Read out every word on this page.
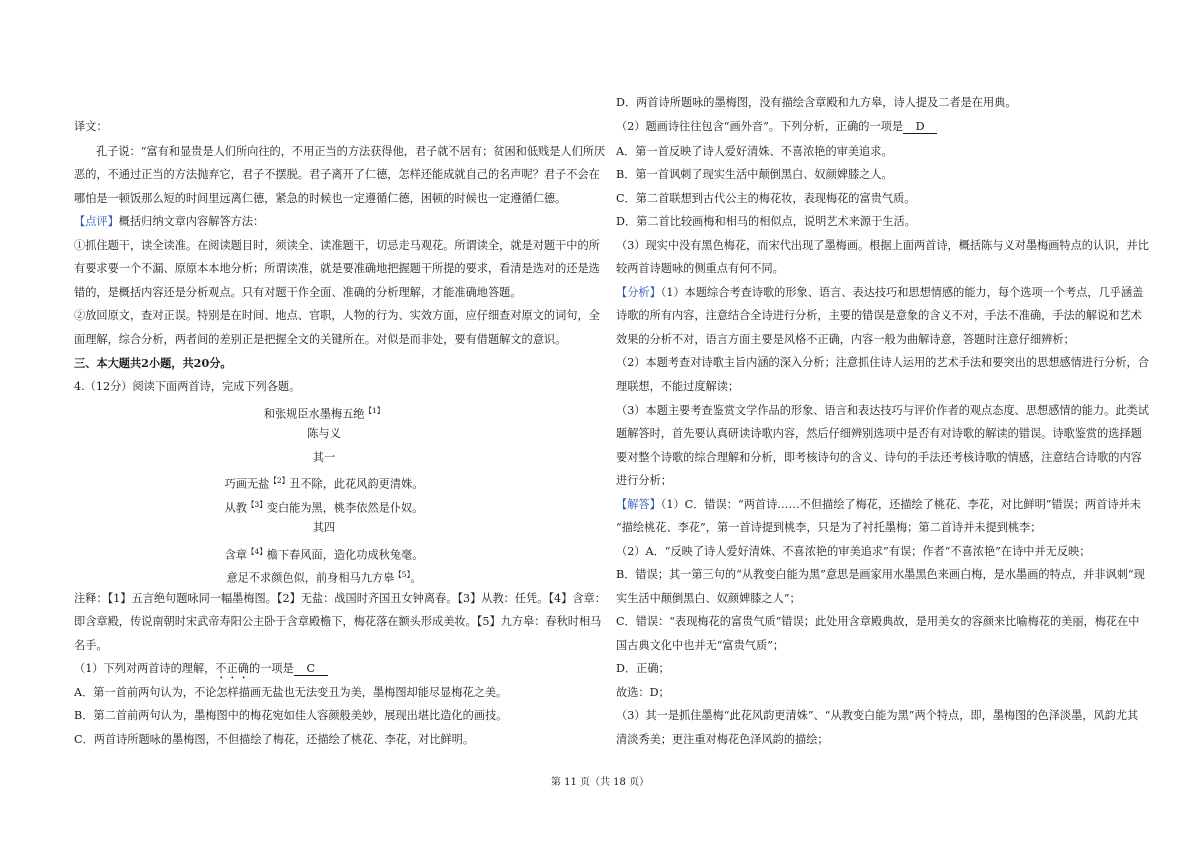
译文：
孔子说：“富有和显贵是人们所向往的，不用正当的方法获得他，君子就不居有；贫困和低贱是人们所厌
恶的，不通过正当的方法抛弃它，君子不摆脱。君子离开了仁德，怎样还能成就自己的名声呢？君子不会在
哪怕是一顿饭那么短的时间里远离仁德，紧急的时候也一定遵循仁德，困顿的时候也一定遵循仁德。
【点评】概括归纳文章内容解答方法：
①抓住题干，读全读准。在阅读题目时，须读全、读准题干，切忌走马观花。所谓读全，就是对题干中的所
有要求要一个不漏、原原本本地分析；所谓读准，就是要准确地把握题干所提的要求，看清是选对的还是选
错的，是概括内容还是分析观点。只有对题干作全面、准确的分析理解，才能准确地答题。
②放回原文，查对正误。特别是在时间、地点、官职，人物的行为、实效方面，应仔细查对原文的词句，全
面理解，综合分析，两者间的差别正是把握全文的关键所在。对似是而非处，要有借题解文的意识。
三、本大题共2小题，共20分。
4.（12分）阅读下面两首诗，完成下列各题。
和张规臣水墨梅五绝$^{【1】}$
陈与义
其一
巧画无盐$^{【2】}$丑不除，此花风韵更清姝。
从教$^{【3】}$变白能为黑，桃李依然是仆奴。
其四
含章$^{【4】}$檐下春风面，造化功成秋兔毫。
意足不求颜色似，前身相马九方皋$^{【5】}$。
注释：【1】五言绝句题咏同一幅墨梅图。【2】无盐：战国时齐国丑女钟离春。【3】从教：任凭。【4】含章：
即含章殿，传说南朝时宋武帝寿阳公主卧于含章殿檐下，梅花落在额头形成美妆。【5】九方皋：春秋时相马
名手。
（1）下列对两首诗的理解，不正确的一项是 C
A．第一首前两句认为，不论怎样描画无盐也无法变丑为美，墨梅图却能尽显梅花之美。
B．第二首前两句认为，墨梅图中的梅花宛如佳人容颜般美妙，展现出堪比造化的画技。
C．两首诗所题咏的墨梅图，不但描绘了梅花，还描绘了桃花、李花，对比鲜明。
D．两首诗所题咏的墨梅图，没有描绘含章殿和九方皋，诗人提及二者是在用典。
（2）题画诗往往包含“画外音”。下列分析，正确的一项是 D
A．第一首反映了诗人爱好清姝、不喜浓艳的审美追求。
B．第一首讽刺了现实生活中颠倒黑白、奴颜婢膝之人。
C．第二首联想到古代公主的梅花妆，表现梅花的富贵气质。
D．第二首比较画梅和相马的相似点，说明艺术来源于生活。
（3）现实中没有黑色梅花，而宋代出现了墨梅画。根据上面两首诗，概括陈与义对墨梅画特点的认识，并比
较两首诗题咏的侧重点有何不同。
【分析】（1）本题综合考查诗歌的形象、语言、表达技巧和思想情感的能力，每个选项一个考点，几乎涵盖
诗歌的所有内容，注意结合全诗进行分析，主要的错误是意象的含义不对，手法不准确，手法的解说和艺术
效果的分析不对，语言方面主要是风格不正确，内容一般为曲解诗意，答题时注意仔细辨析；
（2）本题考查对诗歌主旨内涵的深入分析；注意抓住诗人运用的艺术手法和要突出的思想感情进行分析，合
理联想，不能过度解读；
（3）本题主要考查鉴赏文学作品的形象、语言和表达技巧与评价作者的观点态度、思想感情的能力。此类试
题解答时，首先要认真研读诗歌内容，然后仔细辨别选项中是否有对诗歌的解读的错误。诗歌鉴赏的选择题
要对整个诗歌的综合理解和分析，即考核诗句的含义、诗句的手法还考核诗歌的情感，注意结合诗歌的内容
进行分析；
【解答】（1）C．错误：“两首诗……不但描绘了梅花，还描绘了桃花、李花，对比鲜明”错误；两首诗并未
“描绘桃花、李花”，第一首诗提到桃李，只是为了衬托墨梅；第二首诗并未提到桃李；
（2）A．“反映了诗人爱好清姝、不喜浓艳的审美追求”有误；作者“不喜浓艳”在诗中并无反映；
B．错误；其一第三句的“从教变白能为黑”意思是画家用水墨黑色来画白梅，是水墨画的特点，并非讽刺“现
实生活中颠倒黑白、奴颜婢膝之人”；
C．错误：“表现梅花的富贵气质”错误；此处用含章殿典故，是用美女的容颜来比喻梅花的美丽，梅花在中
国古典文化中也并无“富贵气质”；
D．正确；
故选：D；
（3）其一是抓住墨梅“此花风韵更清姝”、“从教变白能为黑”两个特点，即，墨梅图的色泽淡墨，风韵尤其
清淡秀美；更注重对梅花色泽风韵的描绘；
第 11 页（共 18 页）
